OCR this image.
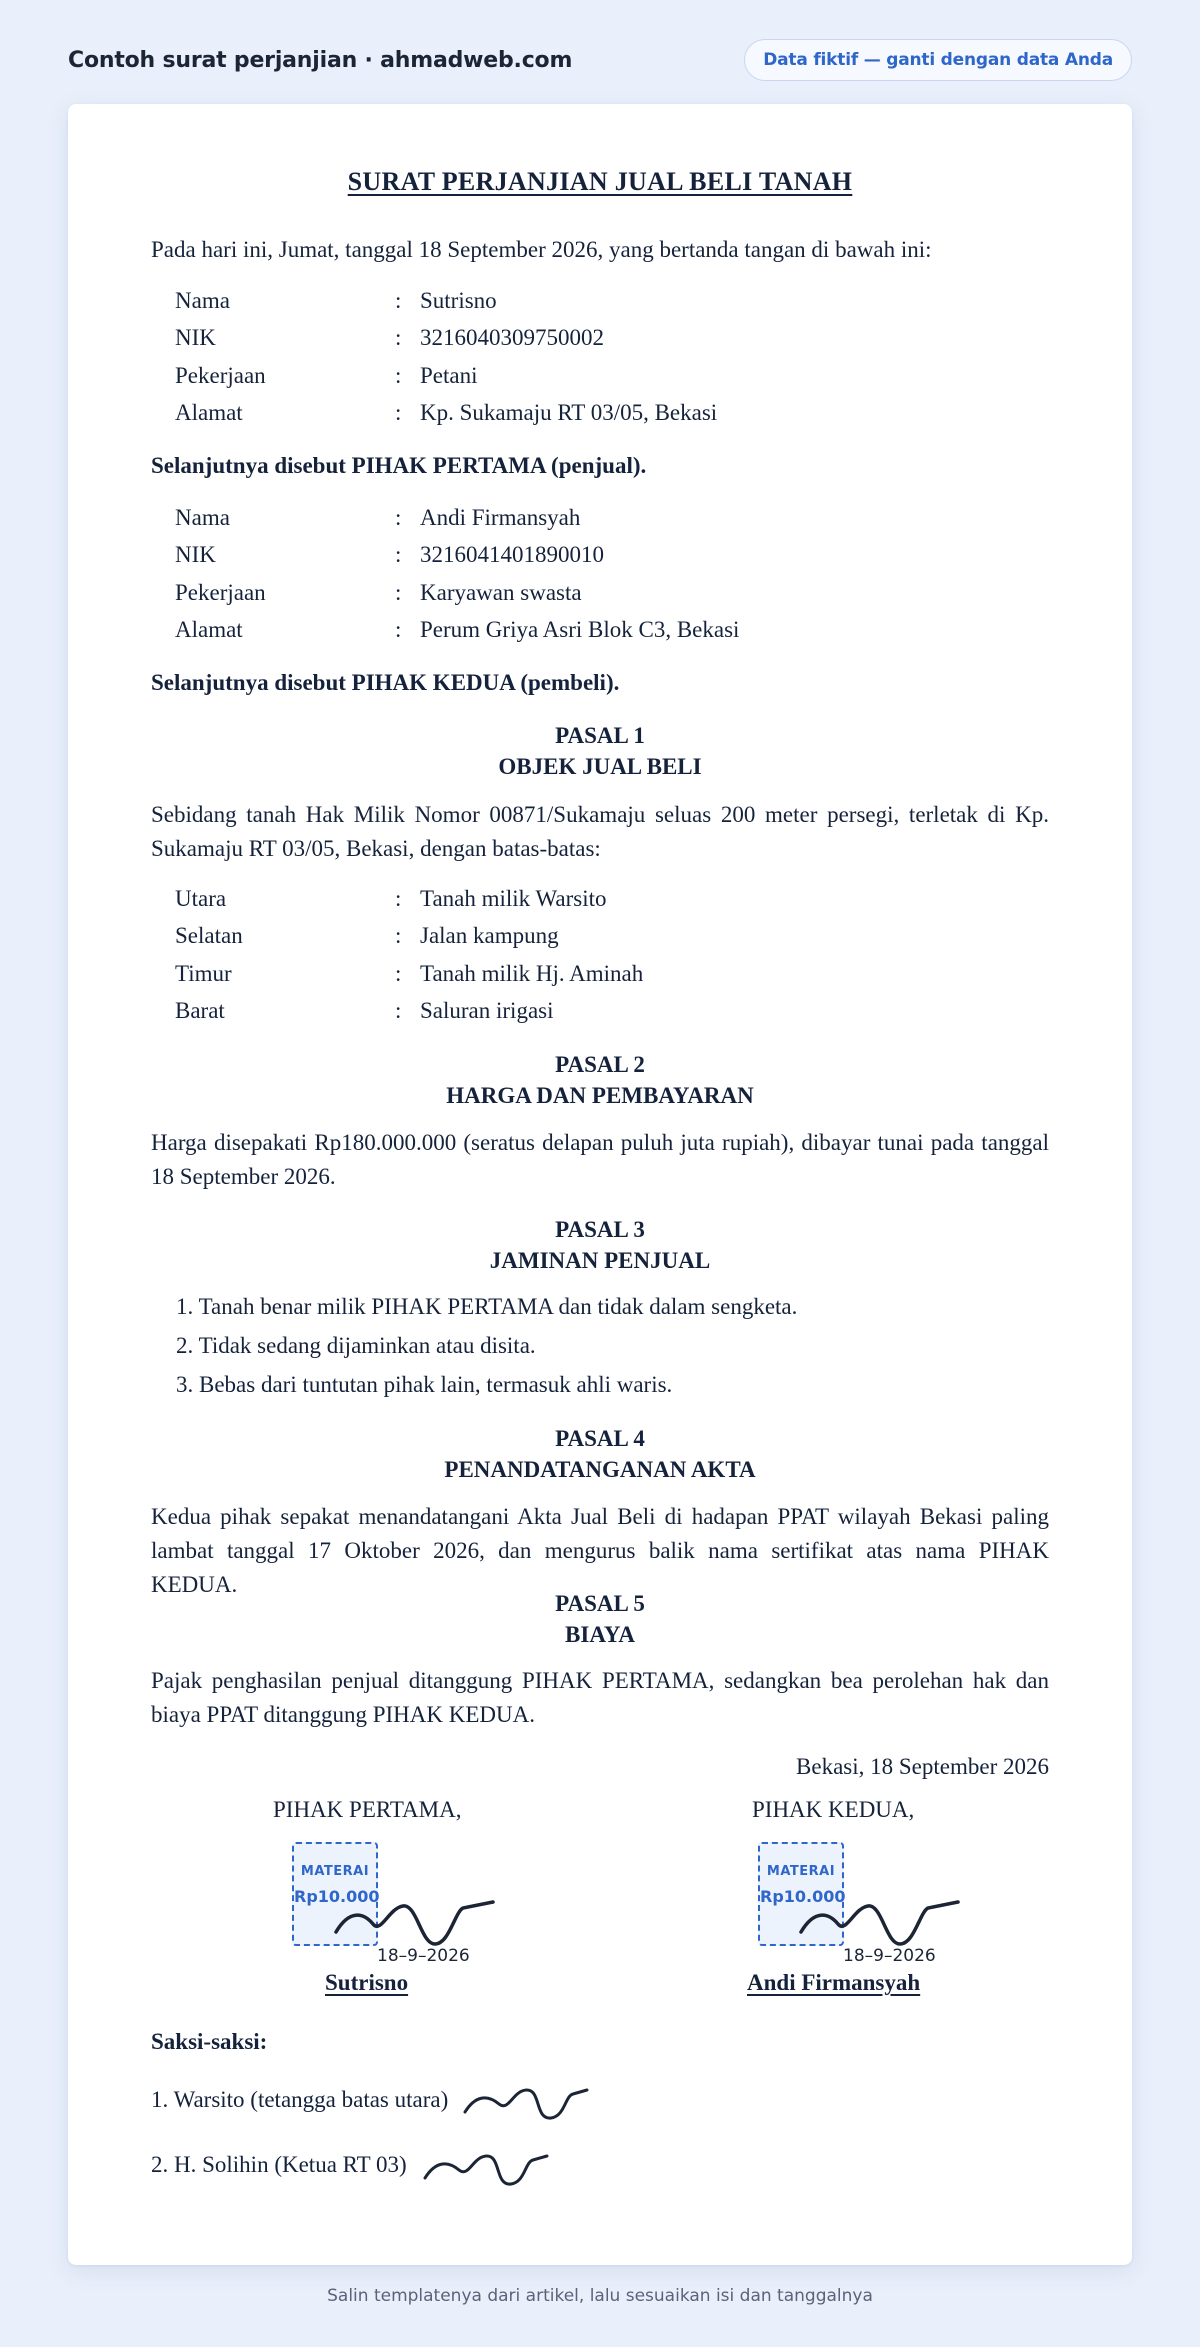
Contoh surat perjanjian · ahmadweb.com	Data fiktif — ganti dengan data Anda
SURAT PERJANJIAN JUAL BELI TANAH
Pada hari ini, Jumat, tanggal 18 September 2026, yang bertanda tangan di bawah ini:
Nama	: Sutrisno
NIK	: 3216040309750002
Pekerjaan	: Petani
Alamat	: Kp. Sukamaju RT 03/05, Bekasi
Selanjutnya disebut PIHAK PERTAMA (penjual).
Nama	: Andi Firmansyah
NIK	: 3216041401890010
Pekerjaan	: Karyawan swasta
Alamat	: Perum Griya Asri Blok C3, Bekasi
Selanjutnya disebut PIHAK KEDUA (pembeli).
PASAL 1
OBJEK JUAL BELI
Sebidang tanah Hak Milik Nomor 00871/Sukamaju seluas 200 meter persegi, terletak di Kp. Sukamaju RT 03/05, Bekasi, dengan batas-batas:
Utara	: Tanah milik Warsito
Selatan	: Jalan kampung
Timur	: Tanah milik Hj. Aminah
Barat	: Saluran irigasi
PASAL 2
HARGA DAN PEMBAYARAN
Harga disepakati Rp180.000.000 (seratus delapan puluh juta rupiah), dibayar tunai pada tanggal 18 September 2026.
PASAL 3
JAMINAN PENJUAL
1. Tanah benar milik PIHAK PERTAMA dan tidak dalam sengketa.
2. Tidak sedang dijaminkan atau disita.
3. Bebas dari tuntutan pihak lain, termasuk ahli waris.
PASAL 4
PENANDATANGANAN AKTA
Kedua pihak sepakat menandatangani Akta Jual Beli di hadapan PPAT wilayah Bekasi paling lambat tanggal 17 Oktober 2026, dan mengurus balik nama sertifikat atas nama PIHAK KEDUA.
PASAL 5
BIAYA
Pajak penghasilan penjual ditanggung PIHAK PERTAMA, sedangkan bea perolehan hak dan biaya PPAT ditanggung PIHAK KEDUA.
Bekasi, 18 September 2026
PIHAK PERTAMA,
MATERAI
Rp10.000
18–9–2026
Sutrisno
PIHAK KEDUA,
MATERAI
Rp10.000
18–9–2026
Andi Firmansyah
Saksi-saksi:
1. Warsito (tetangga batas utara)
2. H. Solihin (Ketua RT 03)
Salin templatenya dari artikel, lalu sesuaikan isi dan tanggalnya
